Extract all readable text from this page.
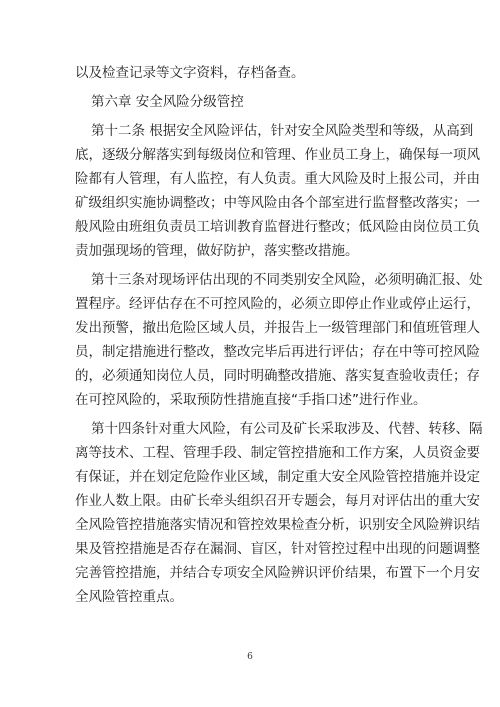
以及检查记录等文字资料，存档备查。
第六章 安全风险分级管控
第十二条 根据安全风险评估，针对安全风险类型和等级，从高到
底，逐级分解落实到每级岗位和管理、作业员工身上，确保每一项风
险都有人管理，有人监控，有人负责。重大风险及时上报公司，并由
矿级组织实施协调整改；中等风险由各个部室进行监督整改落实；一
般风险由班组负责员工培训教育监督进行整改；低风险由岗位员工负
责加强现场的管理，做好防护，落实整改措施。
第十三条对现场评估出现的不同类别安全风险，必须明确汇报、处
置程序。经评估存在不可控风险的，必须立即停止作业或停止运行，
发出预警，撤出危险区域人员，并报告上一级管理部门和值班管理人
员，制定措施进行整改，整改完毕后再进行评估；存在中等可控风险
的，必须通知岗位人员，同时明确整改措施、落实复查验收责任；存
在可控风险的，采取预防性措施直接“手指口述”进行作业。
第十四条针对重大风险，有公司及矿长采取涉及、代替、转移、隔
离等技术、工程、管理手段、制定管控措施和工作方案，人员资金要
有保证，并在划定危险作业区域，制定重大安全风险管控措施并设定
作业人数上限。由矿长牵头组织召开专题会，每月对评估出的重大安
全风险管控措施落实情况和管控效果检查分析，识别安全风险辨识结
果及管控措施是否存在漏洞、盲区，针对管控过程中出现的问题调整
完善管控措施，并结合专项安全风险辨识评价结果，布置下一个月安
全风险管控重点。
6
